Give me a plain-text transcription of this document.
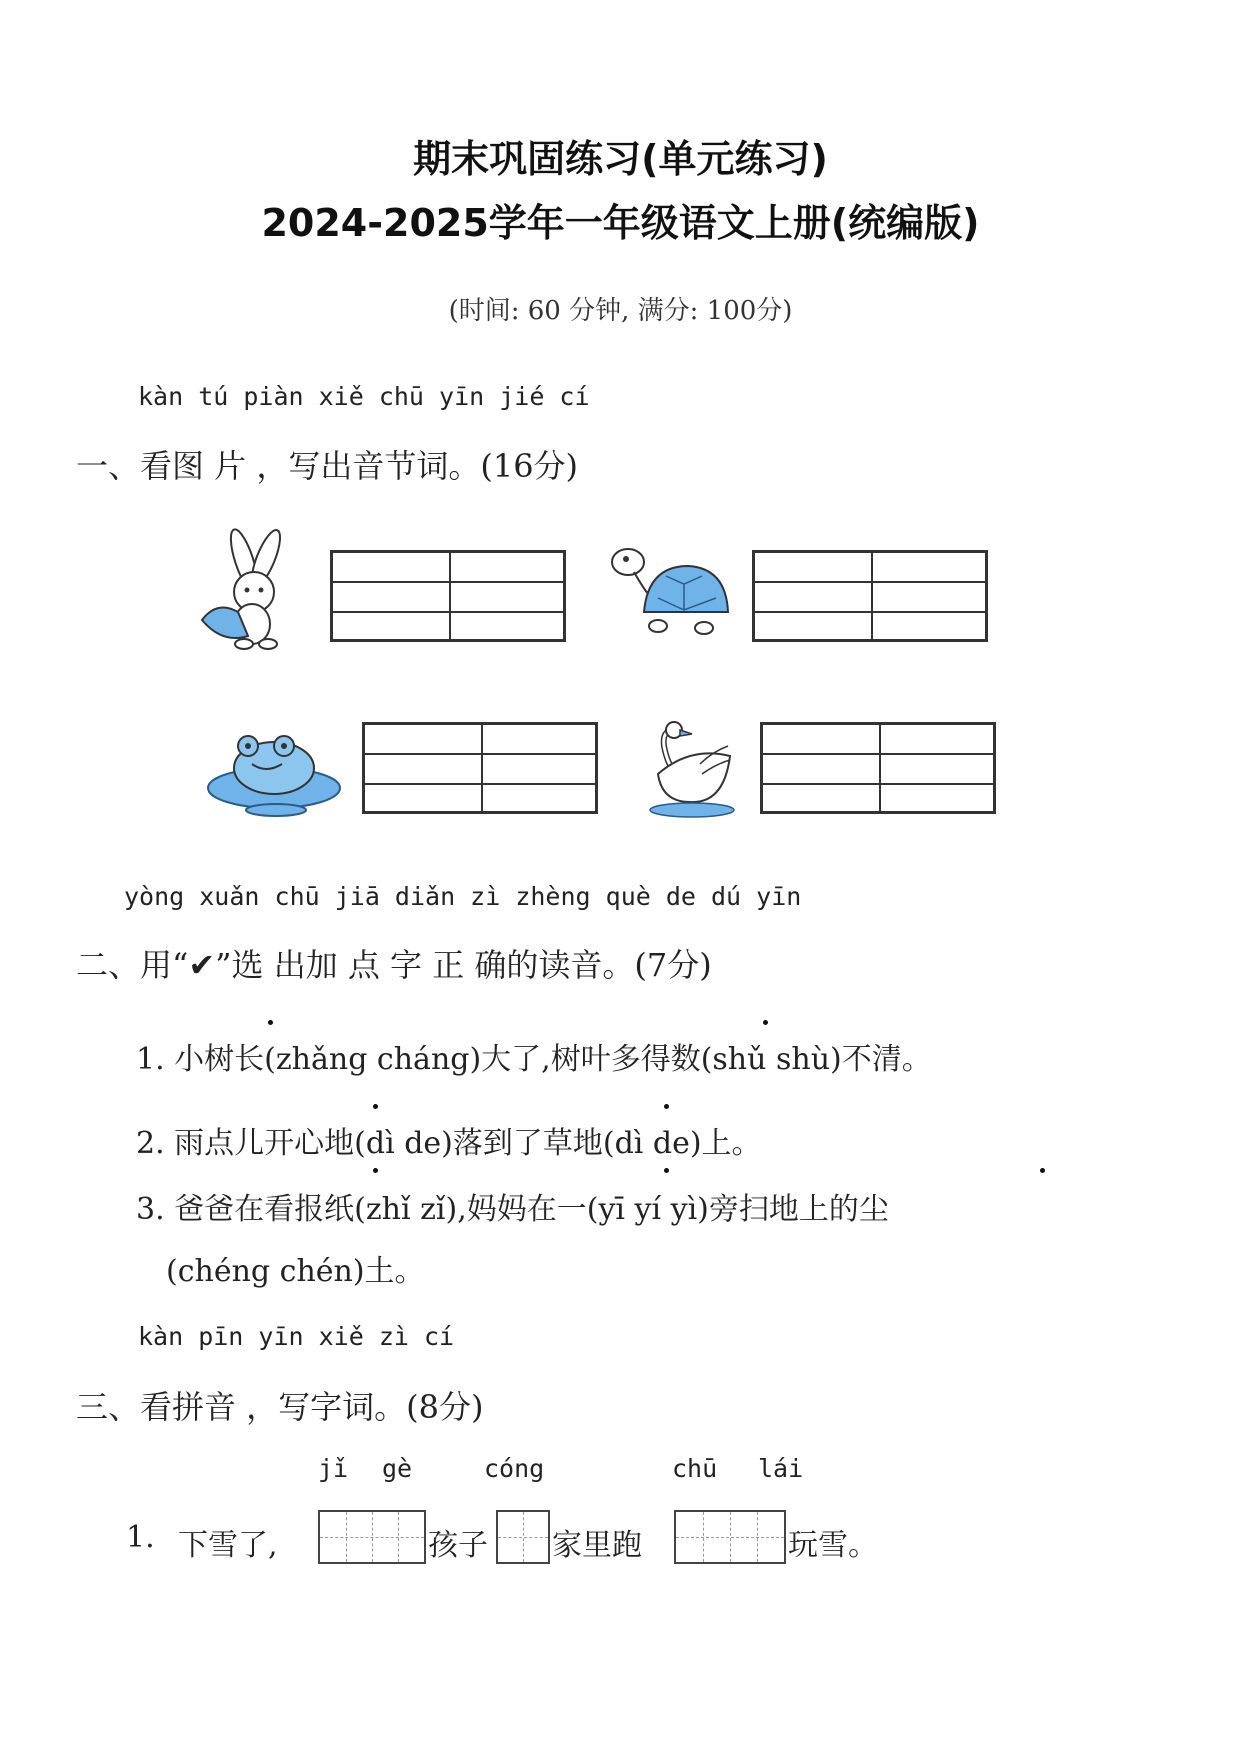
期末巩固练习(单元练习)
2024-2025学年一年级语文上册(统编版)
(时间: 60 分钟, 满分: 100分)
kàn tú piàn xiě chū yīn jié cí
一、看图 片 ，写出音节词。(16分)
yòng xuǎn chū jiā diǎn zì zhèng què de dú yīn
二、用“✔”选 出加 点 字 正 确的读音。(7分)
1. 小树长(zhǎng cháng)大了,树叶多得数(shǔ shù)不清。
2. 雨点儿开心地(dì de)落到了草地(dì de)上。
3. 爸爸在看报纸(zhǐ zǐ),妈妈在一(yī yí yì)旁扫地上的尘
(chéng chén)土。
kàn pīn yīn xiě zì cí
三、看拼音 ，写字词。(8分)
jǐ gè	cóng	chū lái
1. 下雪了,	孩子 家里跑	玩雪。
